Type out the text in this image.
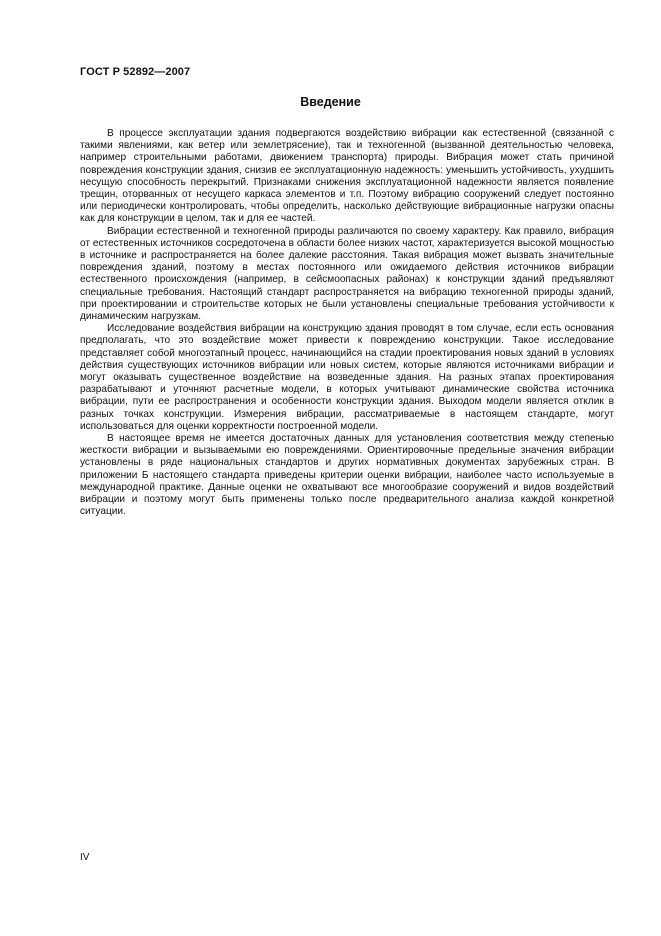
ГОСТ Р 52892—2007
Введение

В процессе эксплуатации здания подвергаются воздействию вибрации как естественной (связанной с такими явлениями, как ветер или землетрясение), так и техногенной (вызванной деятельностью человека, например строительными работами, движением транспорта) природы. Вибрация может стать причиной повреждения конструкции здания, снизив ее эксплуатационную надежность: уменьшить устойчивость, ухудшить несущую способность перекрытий. Признаками снижения эксплуатационной надежности является появление трещин, оторванных от несущего каркаса элементов и т.п. Поэтому вибрацию сооружений следует постоянно или периодически контролировать, чтобы определить, насколько действующие вибрационные нагрузки опасны как для конструкции в целом, так и для ее частей.

Вибрации естественной и техногенной природы различаются по своему характеру. Как правило, вибрация от естественных источников сосредоточена в области более низких частот, характеризуется высокой мощностью в источнике и распространяется на более далекие расстояния. Такая вибрация может вызвать значительные повреждения зданий, поэтому в местах постоянного или ожидаемого действия источников вибрации естественного происхождения (например, в сейсмоопасных районах) к конструкции зданий предъявляют специальные требования. Настоящий стандарт распространяется на вибрацию техногенной природы зданий, при проектировании и строительстве которых не были установлены специальные требования устойчивости к динамическим нагрузкам.

Исследование воздействия вибрации на конструкцию здания проводят в том случае, если есть основания предполагать, что это воздействие может привести к повреждению конструкции. Такое исследование представляет собой многоэтапный процесс, начинающийся на стадии проектирования новых зданий в условиях действия существующих источников вибрации или новых систем, которые являются источниками вибрации и могут оказывать существенное воздействие на возведенные здания. На разных этапах проектирования разрабатывают и уточняют расчетные модели, в которых учитывают динамические свойства источника вибрации, пути ее распространения и особенности конструкции здания. Выходом модели является отклик в разных точках конструкции. Измерения вибрации, рассматриваемые в настоящем стандарте, могут использоваться для оценки корректности построенной модели.

В настоящее время не имеется достаточных данных для установления соответствия между степенью жесткости вибрации и вызываемыми ею повреждениями. Ориентировочные предельные значения вибрации установлены в ряде национальных стандартов и других нормативных документах зарубежных стран. В приложении Б настоящего стандарта приведены критерии оценки вибрации, наиболее часто используемые в международной практике. Данные оценки не охватывают все многообразие сооружений и видов воздействий вибрации и поэтому могут быть применены только после предварительного анализа каждой конкретной ситуации.

IV
